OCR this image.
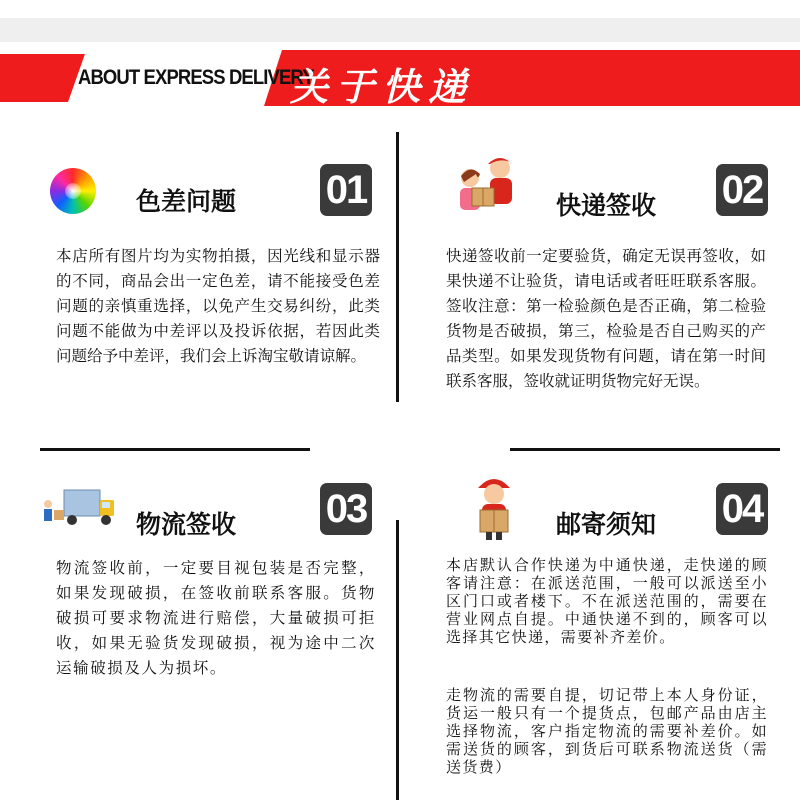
ABOUT EXPRESS DELIVERY
关于快递
色差问题 01
本店所有图片均为实物拍摄，因光线和显示器的不同，商品会出一定色差，请不能接受色差问题的亲慎重选择，以免产生交易纠纷，此类问题不能做为中差评以及投诉依据，若因此类问题给予中差评，我们会上诉淘宝敬请谅解。
快递签收 02
快递签收前一定要验货，确定无误再签收，如果快递不让验货，请电话或者旺旺联系客服。签收注意：第一检验颜色是否正确，第二检验货物是否破损，第三，检验是否自己购买的产品类型。如果发现货物有问题，请在第一时间联系客服，签收就证明货物完好无误。
物流签收 03
物流签收前，一定要目视包装是否完整，如果发现破损，在签收前联系客服。货物破损可要求物流进行赔偿，大量破损可拒收，如果无验货发现破损，视为途中二次运输破损及人为损坏。
邮寄须知 04
本店默认合作快递为中通快递，走快递的顾客请注意：在派送范围，一般可以派送至小区门口或者楼下。不在派送范围的，需要在营业网点自提。中通快递不到的，顾客可以选择其它快递，需要补齐差价。
走物流的需要自提，切记带上本人身份证，货运一般只有一个提货点，包邮产品由店主选择物流，客户指定物流的需要补差价。如需送货的顾客，到货后可联系物流送货（需送货费）
